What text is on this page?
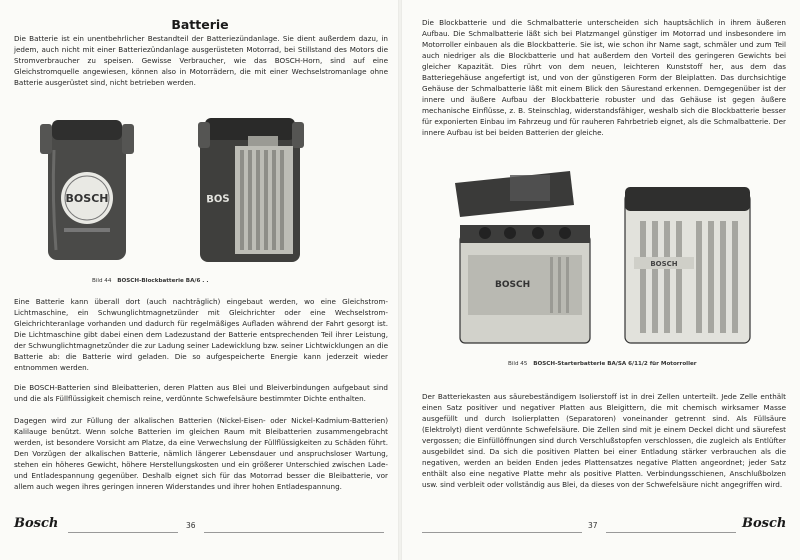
Batterie

Die Batterie ist ein unentbehrlicher Bestandteil der Batteriezündanlage. Sie dient außerdem dazu, in jedem, auch nicht mit einer Batteriezündanlage ausgerüsteten Motorrad, bei Stillstand des Motors die Stromverbraucher zu speisen. Gewisse Verbraucher, wie das BOSCH-Horn, sind auf eine Gleichstromquelle angewiesen, können also in Motorrädern, die mit einer Wechselstromanlage ohne Batterie ausgerüstet sind, nicht betrieben werden.

BOSCH	BOS

Bild 44 BOSCH-Blockbatterie BA/6 . .

Eine Batterie kann überall dort (auch nachträglich) eingebaut werden, wo eine Gleichstrom-Lichtmaschine, ein Schwunglichtmagnetzünder mit Gleichrichter oder eine Wechselstrom-Gleichrichteranlage vorhanden und dadurch für regelmäßiges Aufladen während der Fahrt gesorgt ist. Die Lichtmaschine gibt dabei einen dem Ladezustand der Batterie entsprechenden Teil ihrer Leistung, der Schwunglichtmagnetzünder die zur Ladung seiner Ladewicklung bzw. seiner Lichtwicklungen an die Batterie ab: die Batterie wird geladen. Die so aufgespeicherte Energie kann jederzeit wieder entnommen werden.

Die BOSCH-Batterien sind Bleibatterien, deren Platten aus Blei und Bleiverbindungen aufgebaut sind und die als Füllflüssigkeit chemisch reine, verdünnte Schwefelsäure bestimmter Dichte enthalten.

Dagegen wird zur Füllung der alkalischen Batterien (Nickel-Eisen- oder Nickel-Kadmium-Batterien) Kalilauge benützt. Wenn solche Batterien im gleichen Raum mit Bleibatterien zusammengebracht werden, ist besondere Vorsicht am Platze, da eine Verwechslung der Füllflüssigkeiten zu Schäden führt. Den Vorzügen der alkalischen Batterie, nämlich längerer Lebensdauer und anspruchsloser Wartung, stehen ein höheres Gewicht, höhere Herstellungskosten und ein größerer Unterschied zwischen Lade- und Entladespannung gegenüber. Deshalb eignet sich für das Motorrad besser die Bleibatterie, vor allem auch wegen ihres geringen inneren Widerstandes und ihrer hohen Entladespannung.

Bosch	36

Die Blockbatterie und die Schmalbatterie unterscheiden sich hauptsächlich in ihrem äußeren Aufbau. Die Schmalbatterie läßt sich bei Platzmangel günstiger im Motorrad und insbesondere im Motorroller einbauen als die Blockbatterie. Sie ist, wie schon ihr Name sagt, schmäler und zum Teil auch niedriger als die Blockbatterie und hat außerdem den Vorteil des geringeren Gewichts bei gleicher Kapazität. Dies rührt von dem neuen, leichteren Kunststoff her, aus dem das Batteriegehäuse angefertigt ist, und von der günstigeren Form der Bleiplatten. Das durchsichtige Gehäuse der Schmalbatterie läßt mit einem Blick den Säurestand erkennen. Demgegenüber ist der innere und äußere Aufbau der Blockbatterie robuster und das Gehäuse ist gegen äußere mechanische Einflüsse, z. B. Steinschlag, widerstandsfähiger, weshalb sich die Blockbatterie besser für exponierten Einbau im Fahrzeug und für rauheren Fahrbetrieb eignet, als die Schmalbatterie. Der innere Aufbau ist bei beiden Batterien der gleiche.

BOSCH
BOSCH

Bild 45 BOSCH-Starterbatterie BA/SA 6/11/2 für Motorroller

Der Batteriekasten aus säurebeständigem Isolierstoff ist in drei Zellen unterteilt. Jede Zelle enthält einen Satz positiver und negativer Platten aus Bleigittern, die mit chemisch wirksamer Masse ausgefüllt und durch Isolierplatten (Separatoren) voneinander getrennt sind. Als Füllsäure (Elektrolyt) dient verdünnte Schwefelsäure. Die Zellen sind mit je einem Deckel dicht und säurefest vergossen; die Einfüllöffnungen sind durch Verschlußstopfen verschlossen, die zugleich als Entlüfter ausgebildet sind. Da sich die positiven Platten bei einer Entladung stärker verbrauchen als die negativen, werden an beiden Enden jedes Plattensatzes negative Platten angeordnet; jeder Satz enthält also eine negative Platte mehr als positive Platten. Verbindungsschienen, Anschlußbolzen usw. sind verbleit oder vollständig aus Blei, da dieses von der Schwefelsäure nicht angegriffen wird.

37	Bosch
